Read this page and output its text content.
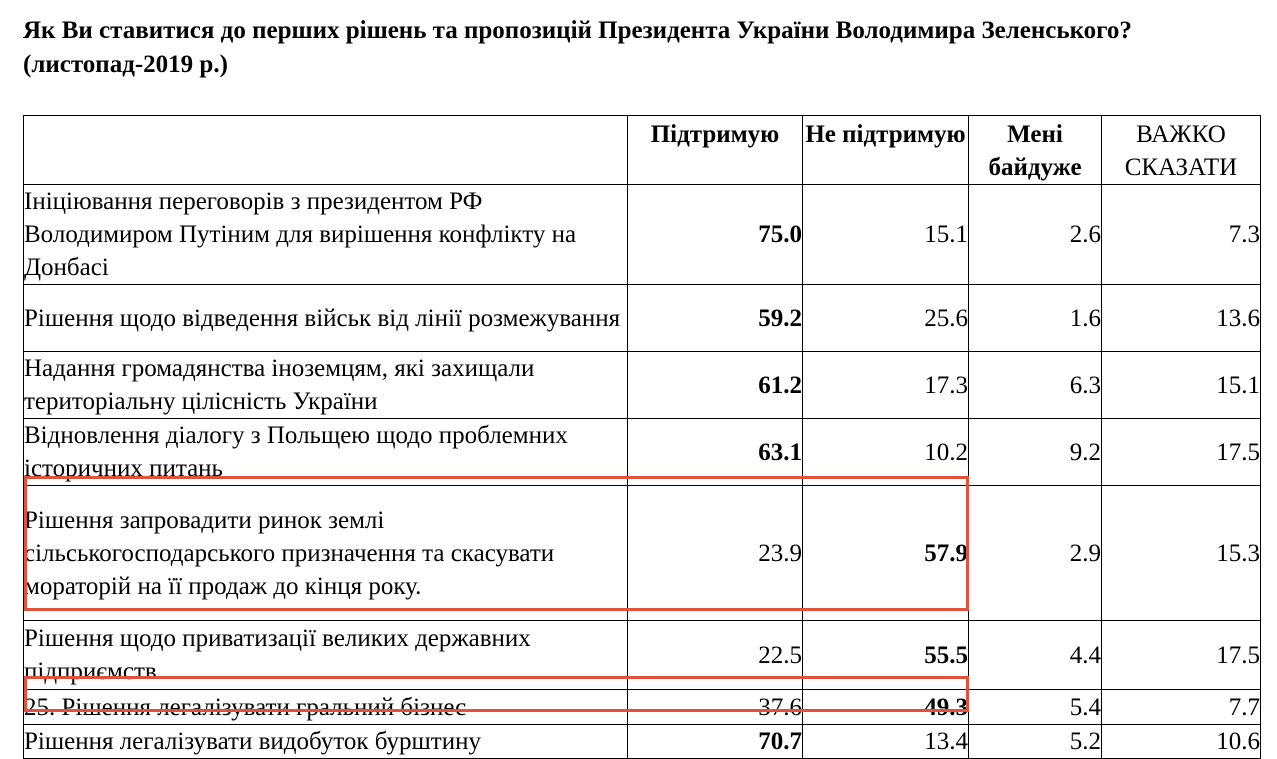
Як Ви ставитися до перших рішень та пропозицій Президента України Володимира Зеленського? (листопад-2019 р.)

	Підтримую	Не підтримую	Мені байдуже	ВАЖКО СКАЗАТИ
Ініціювання переговорів з президентом РФ Володимиром Путіним для вирішення конфлікту на Донбасі	75.0	15.1	2.6	7.3
Рішення щодо відведення військ від лінії розмежування	59.2	25.6	1.6	13.6
Надання громадянства іноземцям, які захищали територіальну цілісність України	61.2	17.3	6.3	15.1
Відновлення діалогу з Польщею щодо проблемних історичних питань	63.1	10.2	9.2	17.5
Рішення запровадити ринок землі сільськогосподарського призначення та скасувати мораторій на її продаж до кінця року.	23.9	57.9	2.9	15.3
Рішення щодо приватизації великих державних підприємств	22.5	55.5	4.4	17.5
25. Рішення легалізувати гральний бізнес	37.6	49.3	5.4	7.7
Рішення легалізувати видобуток бурштину	70.7	13.4	5.2	10.6
